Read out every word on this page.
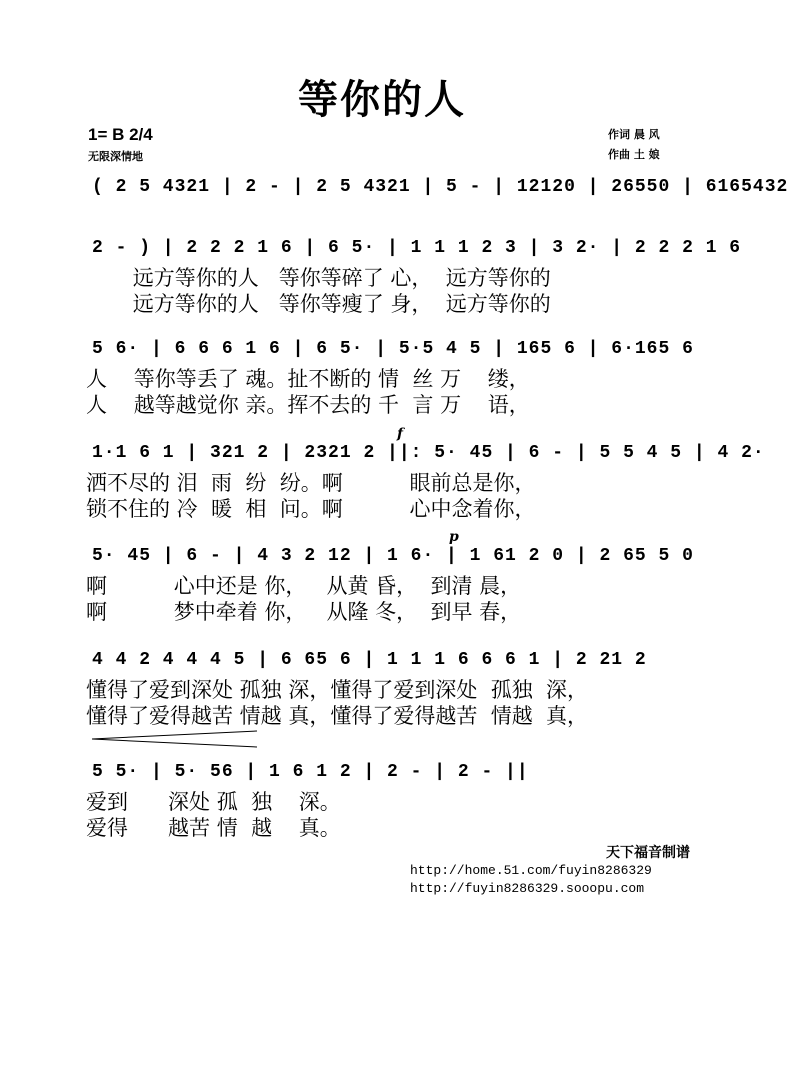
等你的人
1= B 2/4
无限深情地
作词 晨 风
作曲 土 娘
( 2 5 4321 | 2 - | 2 5 4321 | 5 - | 12120 | 26550 | 6165432
2 - ) | 2 2 2 1 6 | 6 5· | 1 1 1 2 3 | 3 2· | 2 2 2 1 6
远方等你的人   等你等碎了 心，  远方等你的
远方等你的人   等你等瘦了 身，  远方等你的
5 6· | 6 6 6 1 6 | 6 5· | 5·5 4 5 | 165 6 | 6·165 6
人    等你等丢了 魂。扯不断的 情  丝 万    缕，
人    越等越觉你 亲。挥不去的 千  言 万    语，
1·1 6 1 | 321 2 | 2321 2 ||: 5· 45 | 6 - | 5 5 4 5 | 4 2·
洒不尽的 泪  雨  纷  纷。啊          眼前总是你，
锁不住的 冷  暖  相  问。啊          心中念着你，
f
5· 45 | 6 - | 4 3 2 12 | 1 6· | 1 61 2 0 | 2 65 5 0
啊          心中还是 你，   从黄 昏，  到清 晨，
啊          梦中牵着 你，   从隆 冬，  到早 春，
p
4 4 2 4 4 4 5 | 6 65 6 | 1 1 1 6 6 6 1 | 2 21 2
懂得了爱到深处 孤独 深，懂得了爱到深处  孤独  深，
懂得了爱得越苦 情越 真，懂得了爱得越苦  情越  真，
5 5· | 5· 56 | 1 6 1 2 | 2 - | 2 - ||
爱到      深处 孤  独    深。
爱得      越苦 情  越    真。
天下福音制谱
http://home.51.com/fuyin8286329
http://fuyin8286329.sooopu.com
